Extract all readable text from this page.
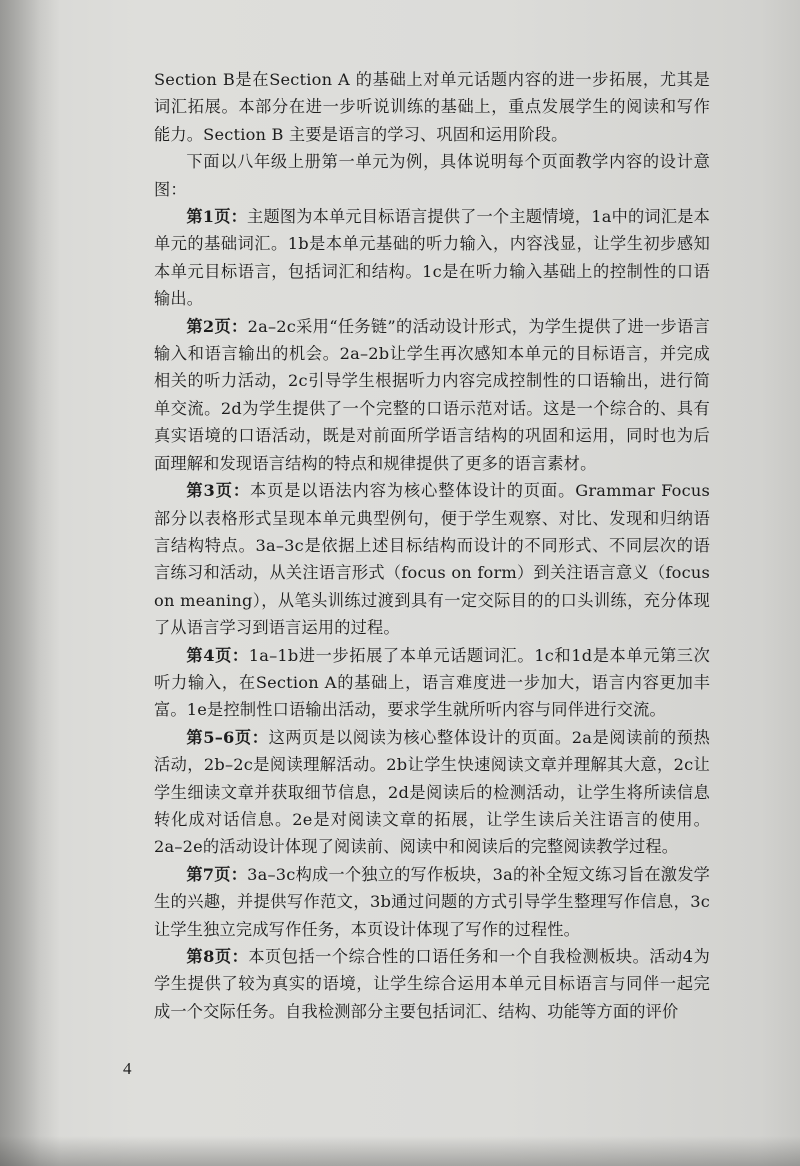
Section B是在Section A 的基础上对单元话题内容的进一步拓展，尤其是词汇拓展。本部分在进一步听说训练的基础上，重点发展学生的阅读和写作能力。Section B 主要是语言的学习、巩固和运用阶段。

下面以八年级上册第一单元为例，具体说明每个页面教学内容的设计意图：

第1页：主题图为本单元目标语言提供了一个主题情境，1a中的词汇是本单元的基础词汇。1b是本单元基础的听力输入，内容浅显，让学生初步感知本单元目标语言，包括词汇和结构。1c是在听力输入基础上的控制性的口语输出。

第2页：2a–2c采用“任务链”的活动设计形式，为学生提供了进一步语言输入和语言输出的机会。2a–2b让学生再次感知本单元的目标语言，并完成相关的听力活动，2c引导学生根据听力内容完成控制性的口语输出，进行简单交流。2d为学生提供了一个完整的口语示范对话。这是一个综合的、具有真实语境的口语活动，既是对前面所学语言结构的巩固和运用，同时也为后面理解和发现语言结构的特点和规律提供了更多的语言素材。

第3页：本页是以语法内容为核心整体设计的页面。Grammar Focus 部分以表格形式呈现本单元典型例句，便于学生观察、对比、发现和归纳语言结构特点。3a–3c是依据上述目标结构而设计的不同形式、不同层次的语言练习和活动，从关注语言形式（focus on form）到关注语言意义（focus on meaning），从笔头训练过渡到具有一定交际目的的口头训练，充分体现了从语言学习到语言运用的过程。

第4页：1a–1b进一步拓展了本单元话题词汇。1c和1d是本单元第三次听力输入，在Section A的基础上，语言难度进一步加大，语言内容更加丰富。1e是控制性口语输出活动，要求学生就所听内容与同伴进行交流。

第5–6页：这两页是以阅读为核心整体设计的页面。2a是阅读前的预热活动，2b–2c是阅读理解活动。2b让学生快速阅读文章并理解其大意，2c让学生细读文章并获取细节信息，2d是阅读后的检测活动，让学生将所读信息转化成对话信息。2e是对阅读文章的拓展，让学生读后关注语言的使用。2a–2e的活动设计体现了阅读前、阅读中和阅读后的完整阅读教学过程。

第7页：3a–3c构成一个独立的写作板块，3a的补全短文练习旨在激发学生的兴趣，并提供写作范文，3b通过问题的方式引导学生整理写作信息，3c让学生独立完成写作任务，本页设计体现了写作的过程性。

第8页：本页包括一个综合性的口语任务和一个自我检测板块。活动4为学生提供了较为真实的语境，让学生综合运用本单元目标语言与同伴一起完成一个交际任务。自我检测部分主要包括词汇、结构、功能等方面的评价

4
